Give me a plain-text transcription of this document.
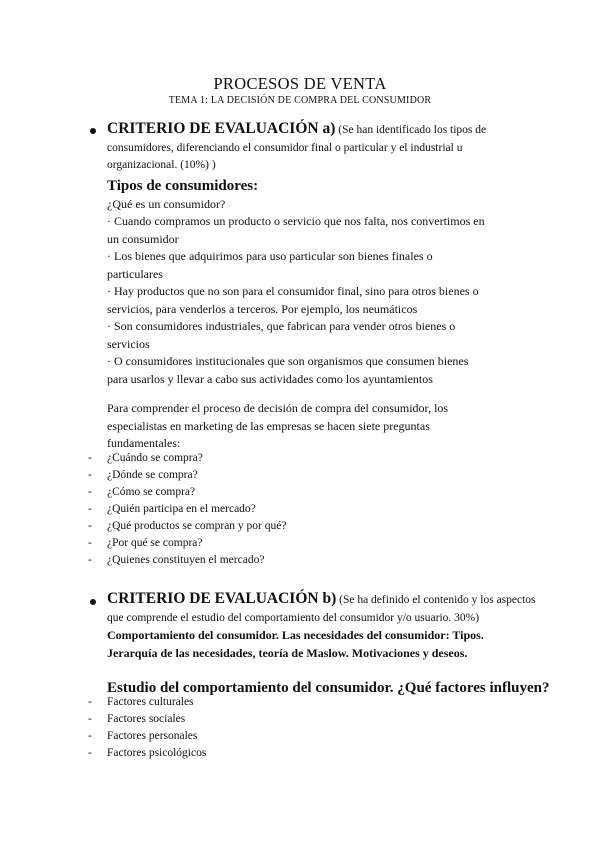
PROCESOS DE VENTA
TEMA 1: LA DECISIÓN DE COMPRA DEL CONSUMIDOR
CRITERIO DE EVALUACIÓN a) (Se han identificado los tipos de
consumidores, diferenciando el consumidor final o particular y el industrial u
organizacional. (10%) )
Tipos de consumidores:
¿Qué es un consumidor?
· Cuando compramos un producto o servicio que nos falta, nos convertimos en
un consumidor
· Los bienes que adquirimos para uso particular son bienes finales o
particulares
· Hay productos que no son para el consumidor final, sino para otros bienes o
servicios, para venderlos a terceros. Por ejemplo, los neumáticos
· Son consumidores industriales, que fabrican para vender otros bienes o
servicios
· O consumidores institucionales que son organismos que consumen bienes
para usarlos y llevar a cabo sus actividades como los ayuntamientos
Para comprender el proceso de decisión de compra del consumidor, los
especialistas en marketing de las empresas se hacen siete preguntas
fundamentales:
- ¿Cuándo se compra?
- ¿Dónde se compra?
- ¿Cómo se compra?
- ¿Quién participa en el mercado?
- ¿Qué productos se compran y por qué?
- ¿Por qué se compra?
- ¿Quienes constituyen el mercado?
CRITERIO DE EVALUACIÓN b) (Se ha definido el contenido y los aspectos
que comprende el estudio del comportamiento del consumidor y/o usuario. 30%)
Comportamiento del consumidor. Las necesidades del consumidor: Tipos.
Jerarquía de las necesidades, teoría de Maslow. Motivaciones y deseos.
Estudio del comportamiento del consumidor. ¿Qué factores influyen?
- Factores culturales
- Factores sociales
- Factores personales
- Factores psicológicos
